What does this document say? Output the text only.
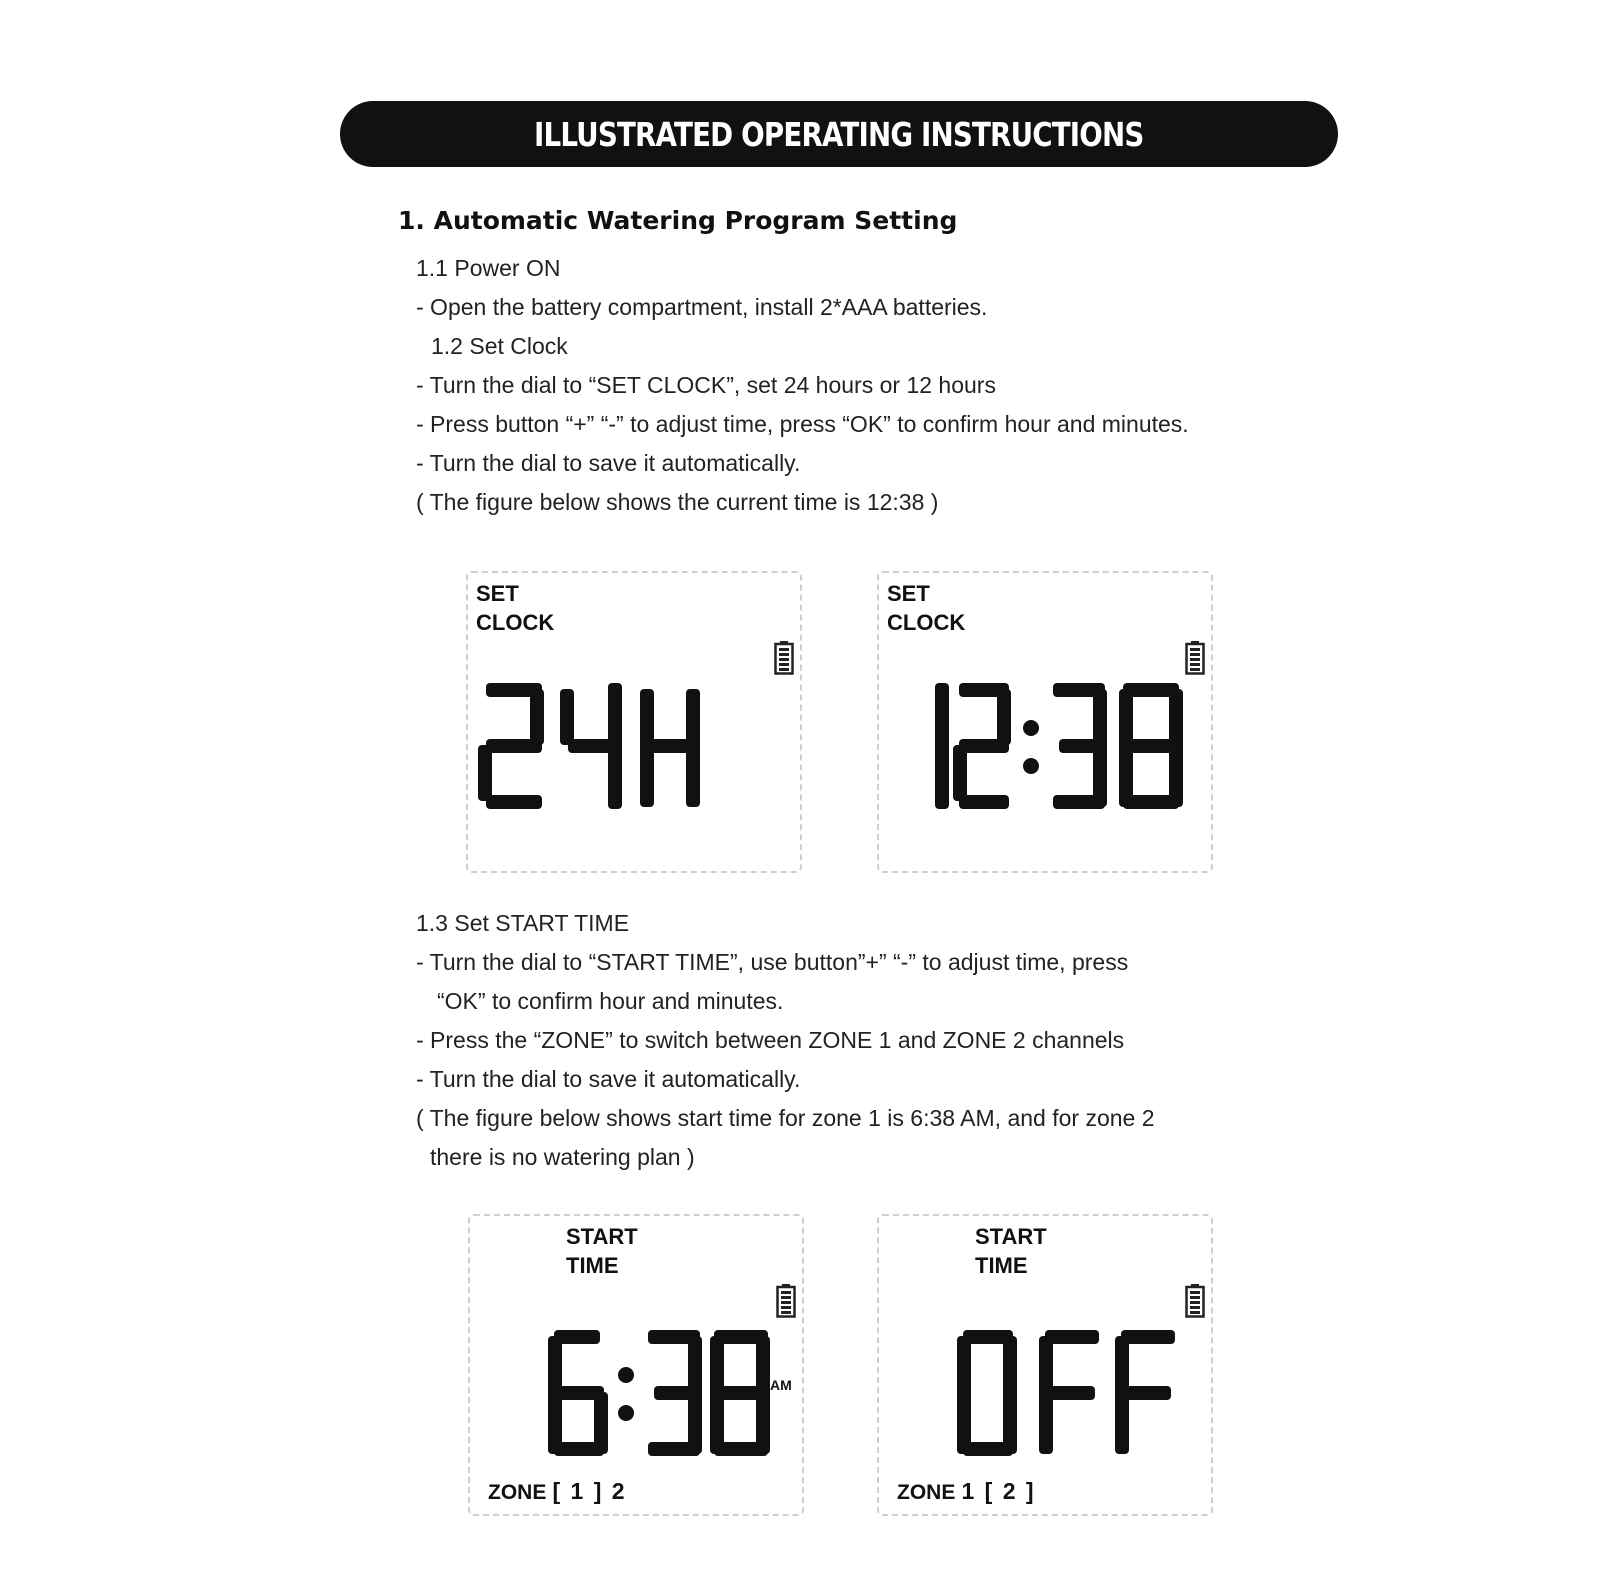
ILLUSTRATED OPERATING INSTRUCTIONS
1. Automatic Watering Program Setting
1.1 Power ON
- Open the battery compartment, install 2*AAA batteries.
1.2 Set Clock
- Turn the dial to “SET CLOCK”, set 24 hours or 12 hours
- Press button “+” “-” to adjust time, press “OK” to confirm hour and minutes.
- Turn the dial to save it automatically.
( The figure below shows the current time is 12:38 )
SET
CLOCK
SET
CLOCK
1.3 Set START TIME
- Turn the dial to “START TIME”, use button”+” “-” to adjust time, press
“OK” to confirm hour and minutes.
- Press the “ZONE” to switch between ZONE 1 and ZONE 2 channels
- Turn the dial to save it automatically.
( The figure below shows start time for zone 1 is 6:38 AM, and for zone 2
there is no watering plan )
START
TIME
AM
ZONE [ 1 ] 2
START
TIME
ZONE 1 [ 2 ]
